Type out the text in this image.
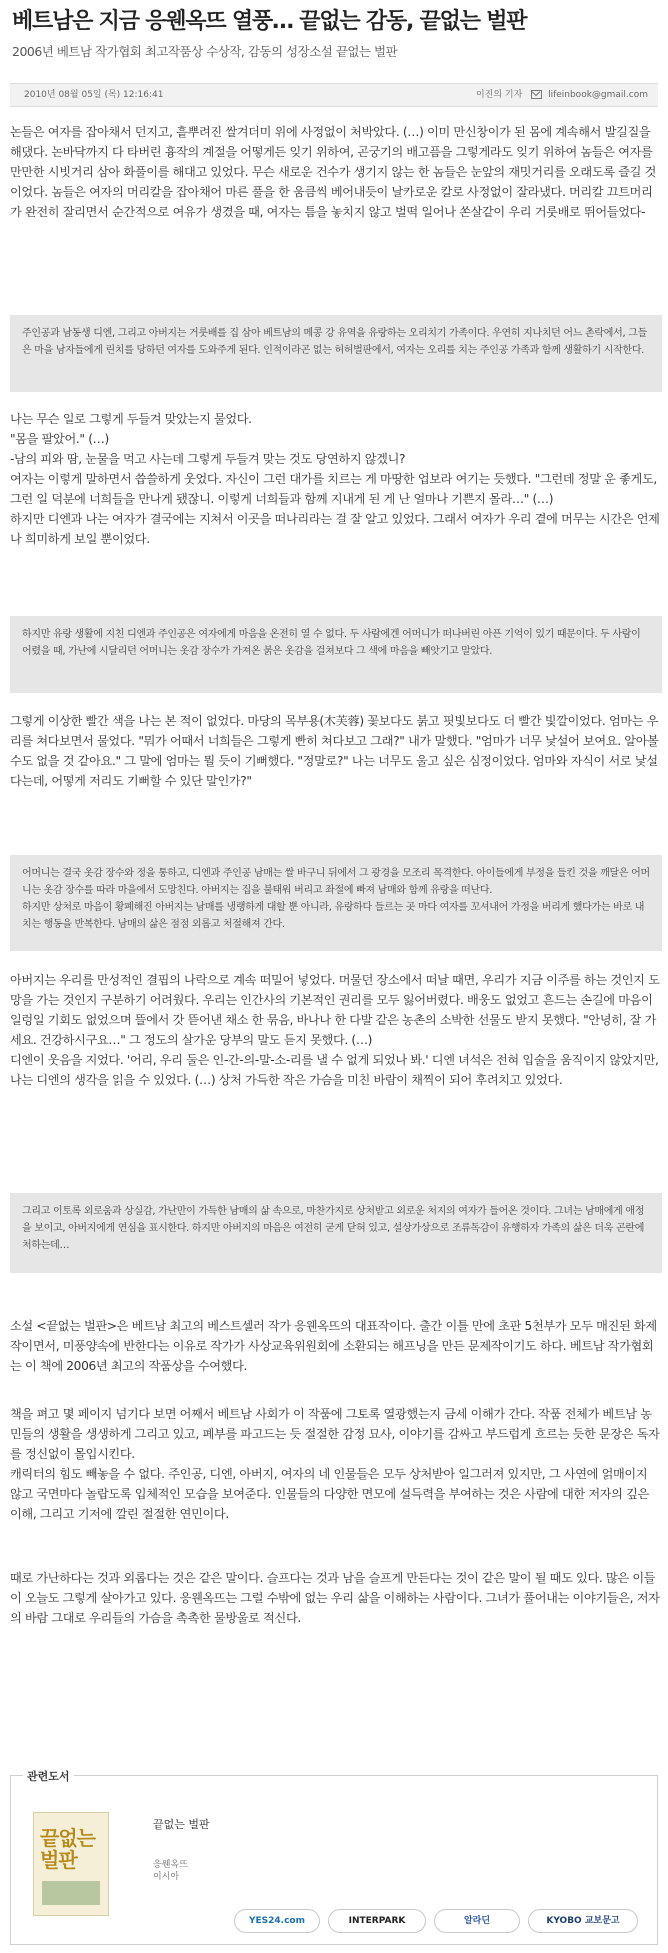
베트남은 지금 응웬옥뜨 열풍… 끝없는 감동, 끝없는 벌판
2006년 베트남 작가협회 최고작품상 수상작, 감동의 성장소설 끝없는 벌판
2010년 08월 05일 (목) 12:16:41	이진의 기자	lifeinbook@gmail.com
논들은 여자를 잡아채서 던지고, 흩뿌려진 쌀겨더미 위에 사정없이 처박았다. (…) 이미 만신창이가 된 몸에 계속해서 발길질을 해댔다. 논바닥까지 다 타버린 흉작의 계절을 어떻게든 잊기 위하여, 곤궁기의 배고픔을 그렇게라도 잊기 위하여 놈들은 여자를 만만한 시빗거리 삼아 화풀이를 해대고 있었다. 무슨 새로운 건수가 생기지 않는 한 놈들은 눈앞의 재밋거리를 오래도록 즐길 것이었다. 놈들은 여자의 머리칼을 잡아채어 마른 풀을 한 움큼씩 베어내듯이 날카로운 칼로 사정없이 잘라냈다. 머리칼 끄트머리가 완전히 잘리면서 순간적으로 여유가 생겼을 때, 여자는 틈을 놓치지 않고 벌떡 일어나 쏜살같이 우리 거룻배로 뛰어들었다-
주인공과 남동생 디엔, 그리고 아버지는 거룻배를 집 삼아 베트남의 메콩 강 유역을 유랑하는 오리치기 가족이다. 우연히 지나치던 어느 촌락에서, 그들은 마을 남자들에게 린치를 당하던 여자를 도와주게 된다. 인적이라곤 없는 허허벌판에서, 여자는 오리를 치는 주인공 가족과 함께 생활하기 시작한다.

나는 무슨 일로 그렇게 두들겨 맞았는지 물었다.

"몸을 팔았어." (…)

-남의 피와 땀, 눈물을 먹고 사는데 그렇게 두들겨 맞는 것도 당연하지 않겠니?

여자는 이렇게 말하면서 씁쓸하게 웃었다. 자신이 그런 대가를 치르는 게 마땅한 업보라 여기는 듯했다. "그런데 정말 운 좋게도, 그런 일 덕분에 너희들을 만나게 됐잖니. 이렇게 너희들과 함께 지내게 된 게 난 얼마나 기쁜지 몰라…" (…)

하지만 디엔과 나는 여자가 결국에는 지쳐서 이곳을 떠나리라는 걸 잘 알고 있었다. 그래서 여자가 우리 곁에 머무는 시간은 언제나 희미하게 보일 뿐이었다.

하지만 유랑 생활에 지친 디엔과 주인공은 여자에게 마음을 온전히 열 수 없다. 두 사람에겐 어머니가 떠나버린 아픈 기억이 있기 때문이다. 두 사람이 어렸을 때, 가난에 시달리던 어머니는 옷감 장수가 가져온 붉은 옷감을 걸쳐보다 그 색에 마음을 빼앗기고 말았다.
그렇게 이상한 빨간 색을 나는 본 적이 없었다. 마당의 목부용(木芙蓉) 꽃보다도 붉고 핏빛보다도 더 빨간 빛깔이었다. 엄마는 우리를 쳐다보면서 물었다. "뭐가 어때서 너희들은 그렇게 빤히 쳐다보고 그래?" 내가 말했다. "엄마가 너무 낯설어 보여요. 알아볼 수도 없을 것 같아요." 그 말에 엄마는 뭘 듯이 기뻐했다. "정말로?" 나는 너무도 울고 싶은 심정이었다. 엄마와 자식이 서로 낯설다는데, 어떻게 저리도 기뻐할 수 있단 말인가?"
어머니는 결국 옷감 장수와 정을 통하고, 디엔과 주인공 남매는 쌀 바구니 뒤에서 그 광경을 모조리 목격한다. 아이들에게 부정을 들킨 것을 깨달은 어머니는 옷감 장수를 따라 마을에서 도망친다. 아버지는 집을 불태워 버리고 좌절에 빠져 남매와 함께 유랑을 떠난다.
하지만 상처로 마음이 황폐해진 아버지는 남매를 냉랭하게 대할 뿐 아니라, 유랑하다 들르는 곳 마다 여자를 꼬셔내어 가정을 버리게 했다가는 바로 내치는 행동을 반복한다. 남매의 삶은 점점 외롭고 처절해져 간다.

아버지는 우리를 만성적인 결핍의 나락으로 계속 떠밀어 넣었다. 머물던 장소에서 떠날 때면, 우리가 지금 이주를 하는 것인지 도망을 가는 것인지 구분하기 어려웠다. 우리는 인간사의 기본적인 권리를 모두 잃어버렸다. 배웅도 없었고 흔드는 손길에 마음이 일렁일 기회도 없었으며 뜰에서 갓 뜯어낸 채소 한 묶음, 바나나 한 다발 같은 농촌의 소박한 선물도 받지 못했다. "안녕히, 잘 가세요. 건강하시구요…" 그 정도의 살가운 당부의 말도 듣지 못했다. (…)

디엔이 웃음을 지었다. '어리, 우리 둘은 인-간-의-말-소-리를 낼 수 없게 되었나 봐.' 디엔 녀석은 전혀 입술을 움직이지 않았지만, 나는 디엔의 생각을 읽을 수 있었다. (…) 상처 가득한 작은 가슴을 미친 바람이 채찍이 되어 후려치고 있었다.

그리고 이토록 외로움과 상실감, 가난만이 가득한 남매의 삶 속으로, 마찬가지로 상처받고 외로운 처지의 여자가 들어온 것이다. 그녀는 남매에게 애정을 보이고, 아버지에게 연심을 표시한다. 하지만 아버지의 마음은 여전히 굳게 닫혀 있고, 설상가상으로 조류독감이 유행하자 가족의 삶은 더욱 곤란에 처하는데…
소설 <끝없는 벌판>은 베트남 최고의 베스트셀러 작가 응웬옥뜨의 대표작이다. 출간 이틀 만에 초판 5천부가 모두 매진된 화제작이면서, 미풍양속에 반한다는 이유로 작가가 사상교육위원회에 소환되는 해프닝을 만든 문제작이기도 하다. 베트남 작가협회는 이 책에 2006년 최고의 작품상을 수여했다.

책을 펴고 몇 페이지 넘기다 보면 어째서 베트남 사회가 이 작품에 그토록 열광했는지 금세 이해가 간다. 작품 전체가 베트남 농민들의 생활을 생생하게 그리고 있고, 폐부를 파고드는 듯 절절한 감정 묘사, 이야기를 감싸고 부드럽게 흐르는 듯한 문장은 독자를 정신없이 몰입시킨다.

캐릭터의 힘도 빼놓을 수 없다. 주인공, 디엔, 아버지, 여자의 네 인물들은 모두 상처받아 일그러져 있지만, 그 사연에 얽매이지 않고 국면마다 놀랍도록 입체적인 모습을 보여준다. 인물들의 다양한 면모에 설득력을 부여하는 것은 사람에 대한 저자의 깊은 이해, 그리고 기저에 깔린 절절한 연민이다.

때로 가난하다는 것과 외롭다는 것은 같은 말이다. 슬프다는 것과 남을 슬프게 만든다는 것이 같은 말이 될 때도 있다. 많은 이들이 오늘도 그렇게 살아가고 있다. 응웬옥뜨는 그럴 수밖에 없는 우리 삶을 이해하는 사람이다. 그녀가 풀어내는 이야기들은, 저자의 바람 그대로 우리들의 가슴을 촉촉한 물방울로 적신다.
관련도서
끝없는 벌판
끝없는 벌판
응웬옥뜨
이시아
YES24.com	INTERPARK	알라딘	KYOBO 교보문고
